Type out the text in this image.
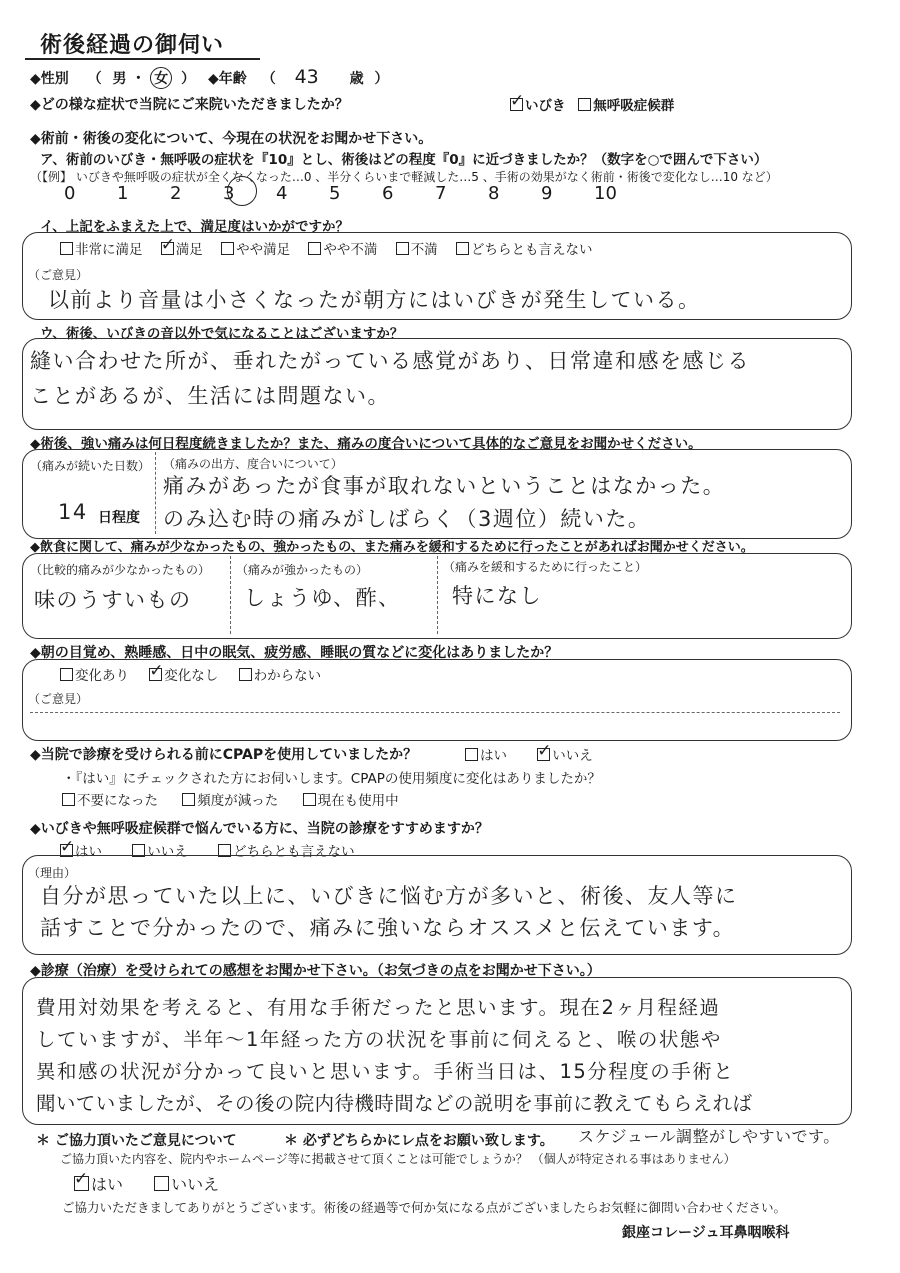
術後経過の御伺い
◆性別 （ 男 ・ 女 ） ◆年齢 （ 43 歳 ）
◆どの様な症状で当院にご来院いただきましたか？ ✓	いびき 無呼吸症候群
◆術前・術後の変化について、今現在の状況をお聞かせ下さい。
ア、術前のいびき・無呼吸の症状を『10』とし、術後はどの程度『0』に近づきましたか？（数字を○で囲んで下さい）
（【例】 いびきや無呼吸の症状が全くなくなった…0 、半分くらいまで軽減した…5 、手術の効果がなく術前・術後で変化なし…10 など）
0 1 2 3 4 5 6 7 8 9 10
イ、上記をふまえた上で、満足度はいかがですか？
非常に満足 ✓ 満足 やや満足 やや不満 不満 どちらとも言えない
（ご意見）
以前より音量は小さくなったが朝方にはいびきが発生している。
ウ、術後、いびきの音以外で気になることはございますか？
縫い合わせた所が、垂れたがっている感覚があり、日常違和感を感じる
ことがあるが、生活には問題ない。
◆術後、強い痛みは何日程度続きましたか？また、痛みの度合いについて具体的なご意見をお聞かせください。
（痛みが続いた日数）
14 日程度
（痛みの出方、度合いについて）
痛みがあったが食事が取れないということはなかった。
のみ込む時の痛みがしばらく（3週位）続いた。
◆飲食に関して、痛みが少なかったもの、強かったもの、また痛みを緩和するために行ったことがあればお聞かせください。
（比較的痛みが少なかったもの） （痛みが強かったもの）	（痛みを緩和するために行ったこと）
味のうすいもの	しょうゆ、酢、 特になし
◆朝の目覚め、熟睡感、日中の眠気、疲労感、睡眠の質などに変化はありましたか？
変化あり ✓	変化なし	わからない
（ご意見）
◆当院で診療を受けられる前にCPAPを使用していましたか？	はい ✓	いいえ
・『はい』にチェックされた方にお伺いします。CPAPの使用頻度に変化はありましたか？
不要になった	頻度が減った	現在も使用中
◆いびきや無呼吸症候群で悩んでいる方に、当院の診療をすすめますか？
✓はい	いいえ	どちらとも言えない
（理由）
自分が思っていた以上に、いびきに悩む方が多いと、術後、友人等に
話すことで分かったので、痛みに強いならオススメと伝えています。
◆診療（治療）を受けられての感想をお聞かせ下さい。（お気づきの点をお聞かせ下さい。）
費用対効果を考えると、有用な手術だったと思います。現在2ヶ月程経過
していますが、半年〜1年経った方の状況を事前に伺えると、喉の状態や
異和感の状況が分かって良いと思います。手術当日は、15分程度の手術と
聞いていましたが、その後の院内待機時間などの説明を事前に教えてもらえれば
スケジュール調整がしやすいです。
＊ ご協力頂いたご意見について	＊ 必ずどちらかにレ点をお願い致します。
ご協力頂いた内容を、院内やホームページ等に掲載させて頂くことは可能でしょうか？ （個人が特定される事はありません）
✓はい	いいえ
ご協力いただきましてありがとうございます。術後の経過等で何か気になる点がございましたらお気軽に御問い合わせください。
銀座コレージュ耳鼻咽喉科
